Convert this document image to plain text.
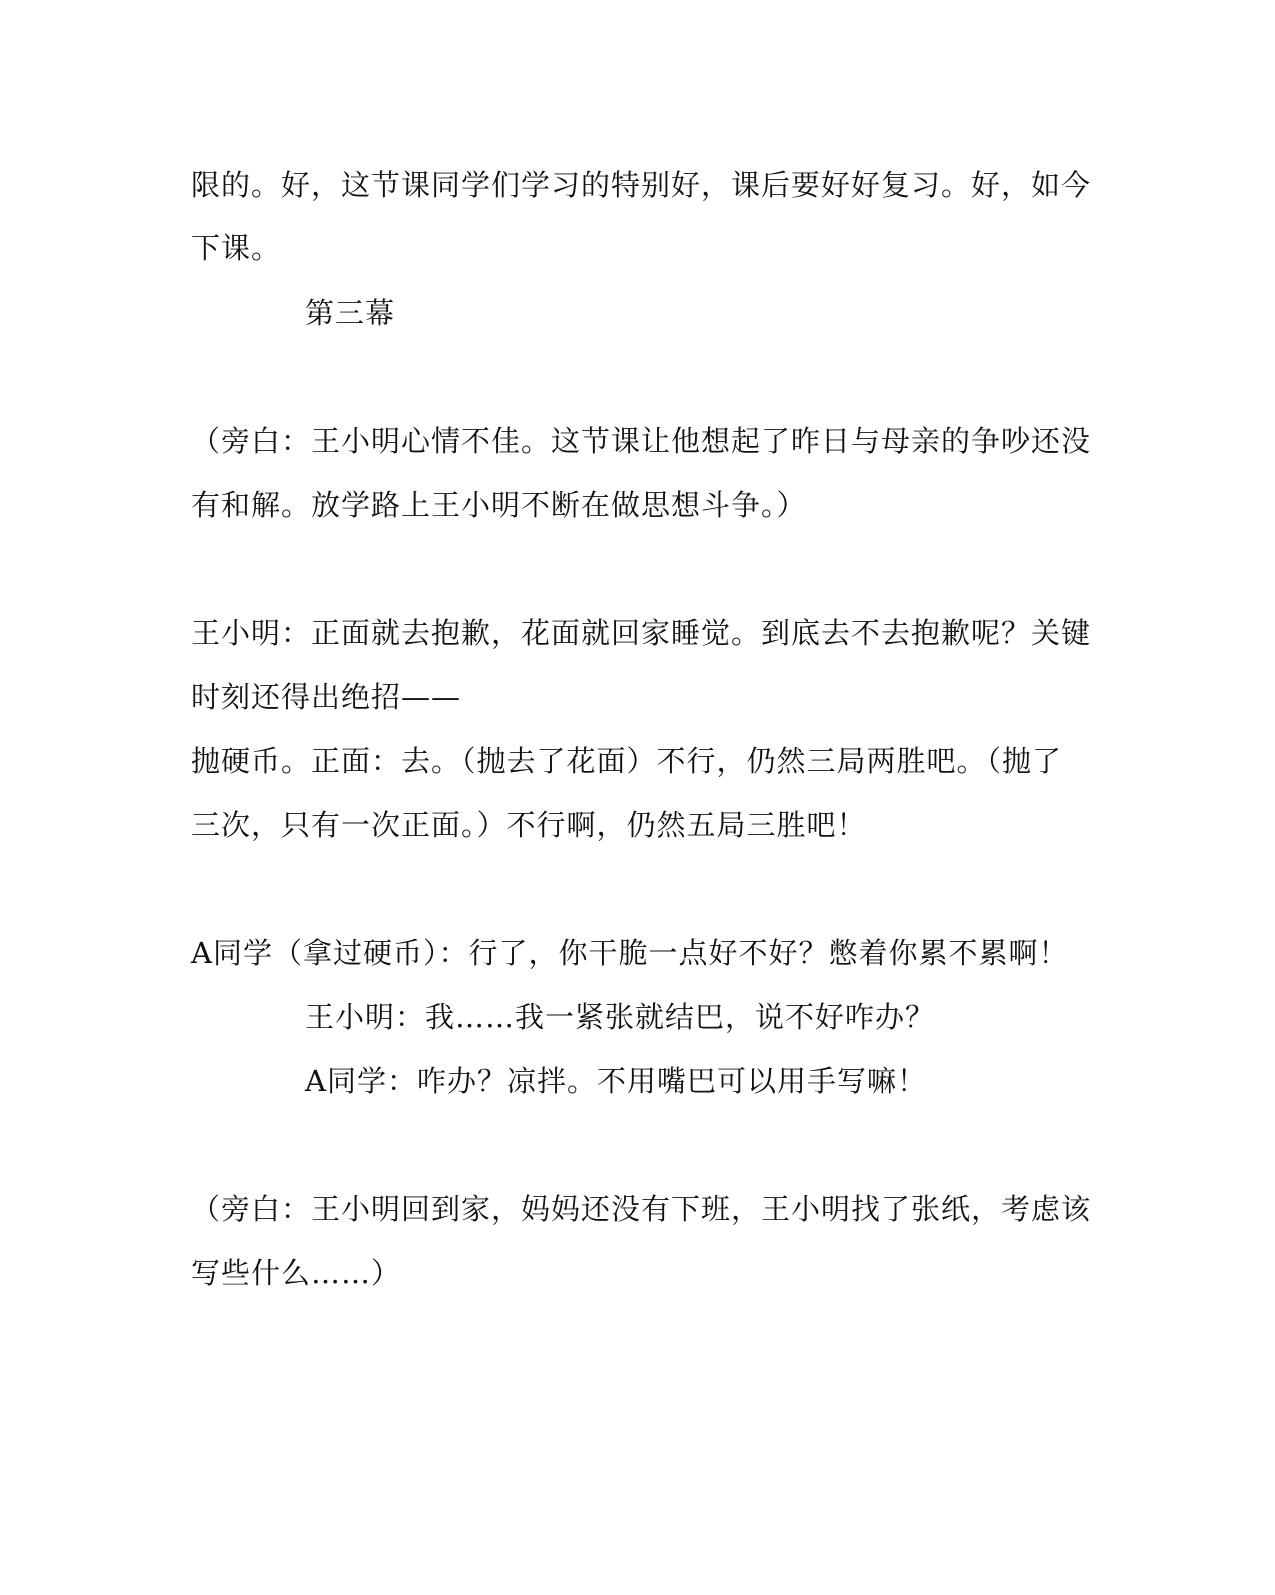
限的。好，这节课同学们学习的特别好，课后要好好复习。好，如今
下课。
第三幕
（旁白：王小明心情不佳。这节课让他想起了昨日与母亲的争吵还没
有和解。放学路上王小明不断在做思想斗争。）
王小明：正面就去抱歉，花面就回家睡觉。到底去不去抱歉呢？关键
时刻还得出绝招——
抛硬币。正面：去。（抛去了花面）不行，仍然三局两胜吧。（抛了
三次，只有一次正面。）不行啊，仍然五局三胜吧！
A同学（拿过硬币）：行了，你干脆一点好不好？憋着你累不累啊！
王小明：我……我一紧张就结巴，说不好咋办？
A同学：咋办？凉拌。不用嘴巴可以用手写嘛！
（旁白：王小明回到家，妈妈还没有下班，王小明找了张纸，考虑该
写些什么……）
